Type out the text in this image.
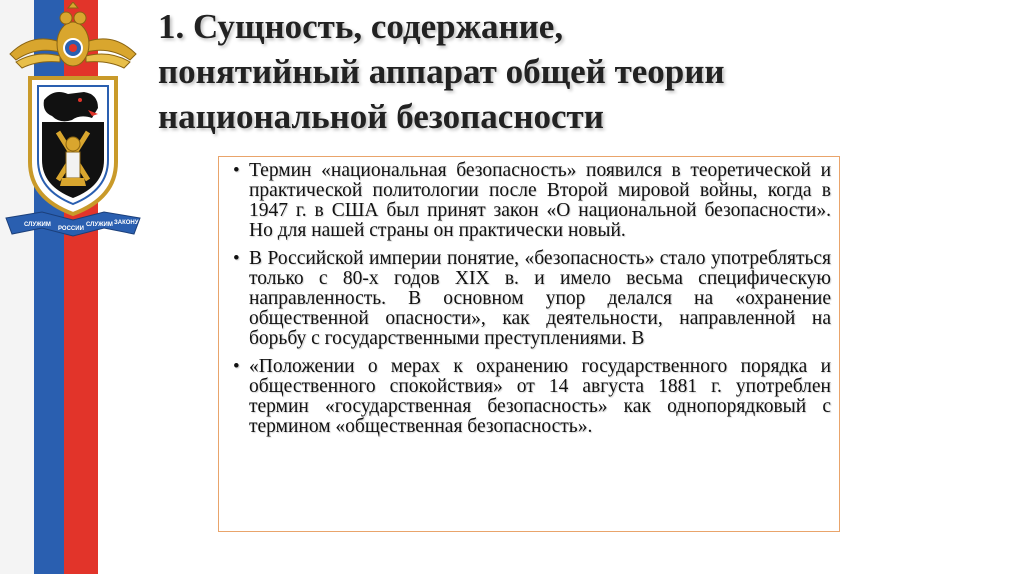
СЛУЖИМ
РОССИИ
СЛУЖИМ ЗАКОНУ
1. Сущность, содержание,
понятийный аппарат общей теории
национальной безопасности
• Термин «национальная безопасность» появился в теоретической и практической политологии после Второй мировой войны, когда в 1947 г. в США был принят закон «О национальной безопасности». Но для нашей страны он практически новый.
• В Российской империи понятие, «безопасность» стало употребляться только с 80-х годов XIX в. и имело весьма специфическую направленность. В основном упор делался на «охранение общественной опасности», как деятельности, направленной на борьбу с государственными преступлениями. В
• «Положении о мерах к охранению государственного порядка и общественного спокойствия» от 14 августа 1881 г. употреблен термин «государственная безопасность» как однопорядковый с термином «общественная безопасность».
